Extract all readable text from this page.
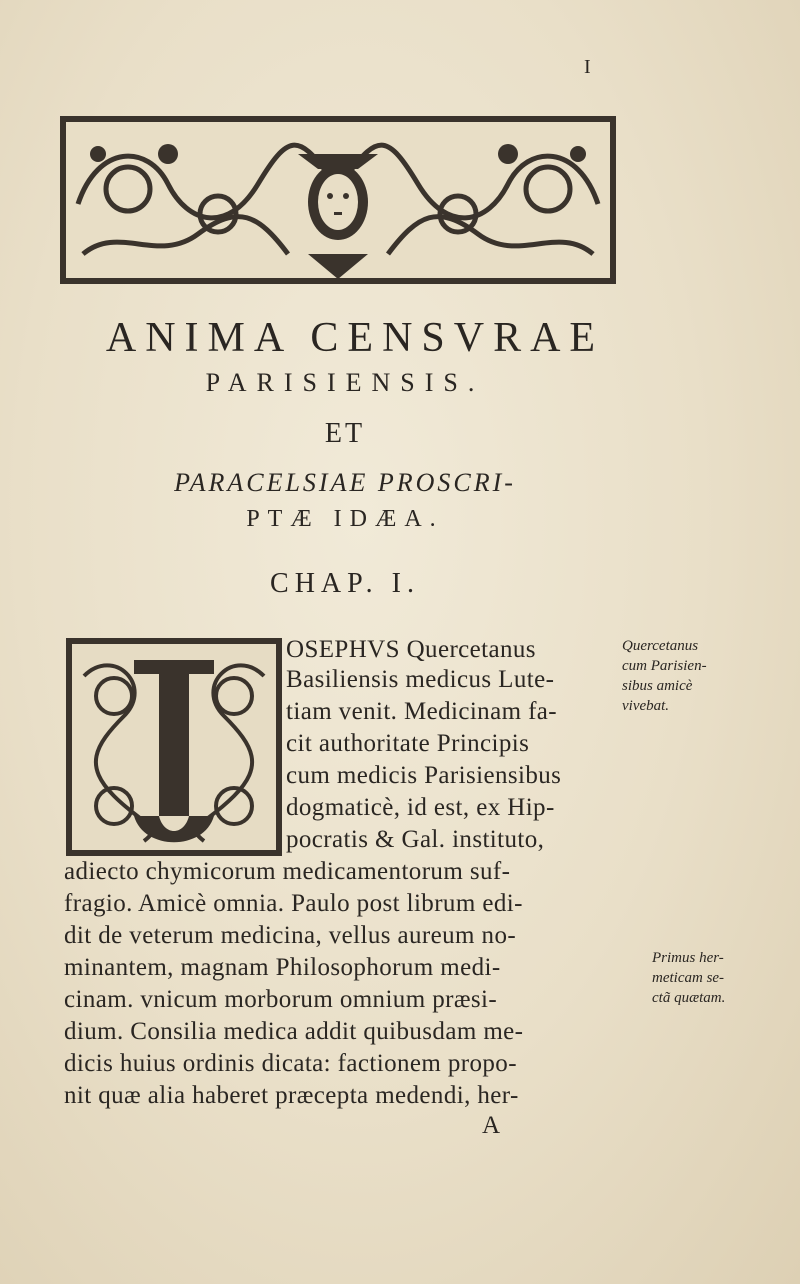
I
ANIMA CENSVRAE
PARISIENSIS.
ET
PARACELSIAE PROSCRI-
PTÆ IDÆA.
CHAP. I.
OSEPHVS Quercetanus
Basiliensis medicus Lute-
tiam venit. Medicinam fa-
cit authoritate Principis
cum medicis Parisiensibus
dogmaticè, id est, ex Hip-
pocratis & Gal. instituto,
adiecto chymicorum medicamentorum suf-
fragio. Amicè omnia. Paulo post librum edi-
dit de veterum medicina, vellus aureum no-
minantem, magnam Philosophorum medi-
cinam. vnicum morborum omnium præsi-
dium. Consilia medica addit quibusdam me-
dicis huius ordinis dicata: factionem propo-
nit quæ alia haberet præcepta medendi, her-
Quercetanus
cum Parisien-
sibus amicè
vivebat.
Primus her-
meticam se-
ctã quætam.
A
